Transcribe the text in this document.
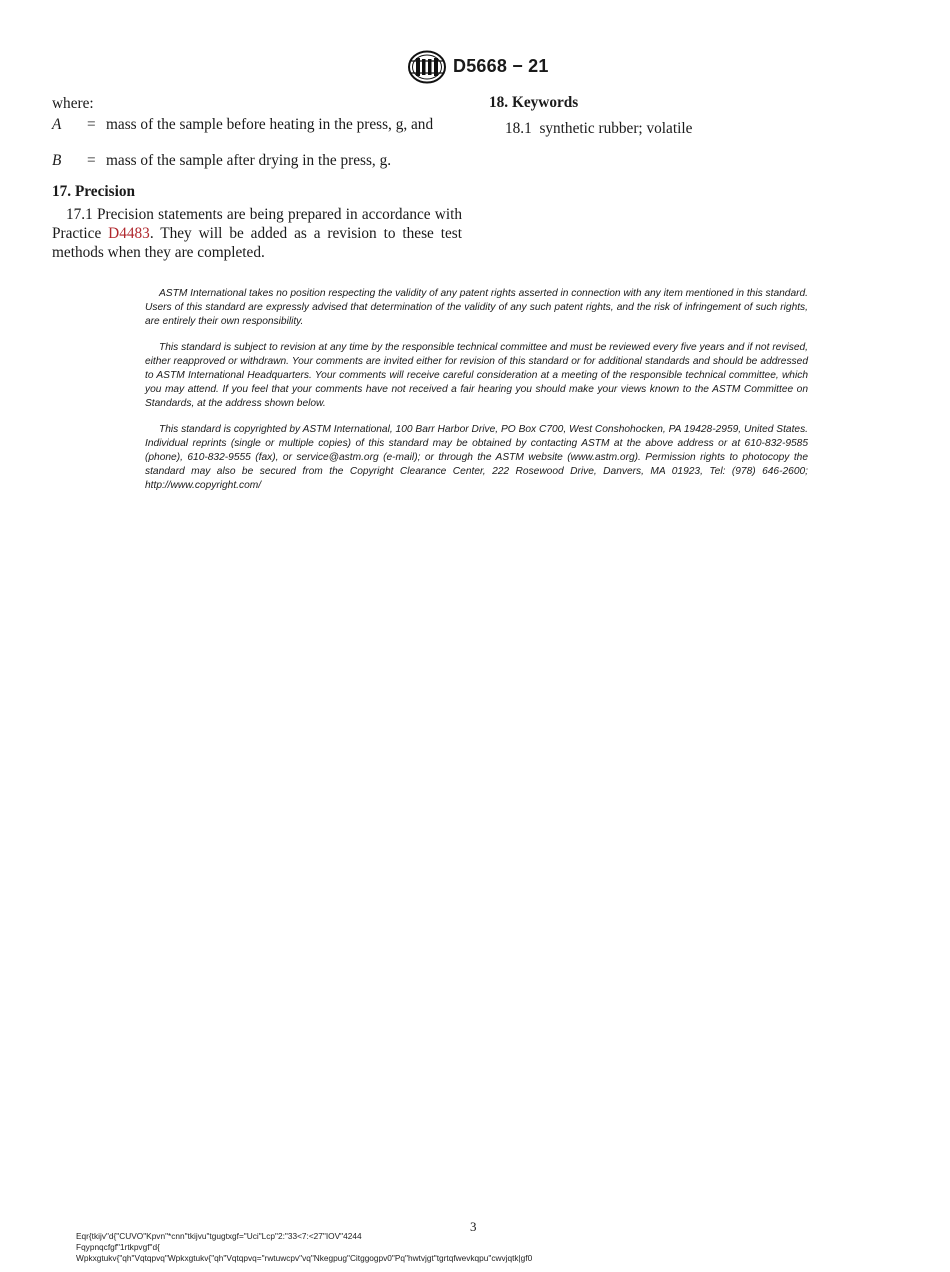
D5668 − 21

where:

A = mass of the sample before heating in the press, g, and
B = mass of the sample after drying in the press, g.

17. Precision

17.1 Precision statements are being prepared in accordance with Practice D4483. They will be added as a revision to these test methods when they are completed.

18. Keywords

18.1 synthetic rubber; volatile

ASTM International takes no position respecting the validity of any patent rights asserted in connection with any item mentioned in this standard. Users of this standard are expressly advised that determination of the validity of any such patent rights, and the risk of infringement of such rights, are entirely their own responsibility.

This standard is subject to revision at any time by the responsible technical committee and must be reviewed every five years and if not revised, either reapproved or withdrawn. Your comments are invited either for revision of this standard or for additional standards and should be addressed to ASTM International Headquarters. Your comments will receive careful consideration at a meeting of the responsible technical committee, which you may attend. If you feel that your comments have not received a fair hearing you should make your views known to the ASTM Committee on Standards, at the address shown below.

This standard is copyrighted by ASTM International, 100 Barr Harbor Drive, PO Box C700, West Conshohocken, PA 19428-2959, United States. Individual reprints (single or multiple copies) of this standard may be obtained by contacting ASTM at the above address or at 610-832-9585 (phone), 610-832-9555 (fax), or service@astm.org (e-mail); or through the ASTM website (www.astm.org). Permission rights to photocopy the standard may also be secured from the Copyright Clearance Center, 222 Rosewood Drive, Danvers, MA 01923, Tel: (978) 646-2600; http://www.copyright.com/

3
Eqr{tkijv"d{"CUVO"Kpvn"*cnn"tkijvu"tgugtxgf="Uci"Lcp"2:"33<7:<27"IOV"4244
Fqypnqcfgf"1rtkpvgf"d{
Wpkxgtukv{"qh"Vqtqpvq"Wpkxgtukv{"qh"Vqtqpvq="rwtuwcpv"vq"Nkegpug"Citggogpv0"Pq"hwtvjgt"tgrtqfwevkqpu"cwvjqtk|gf0
